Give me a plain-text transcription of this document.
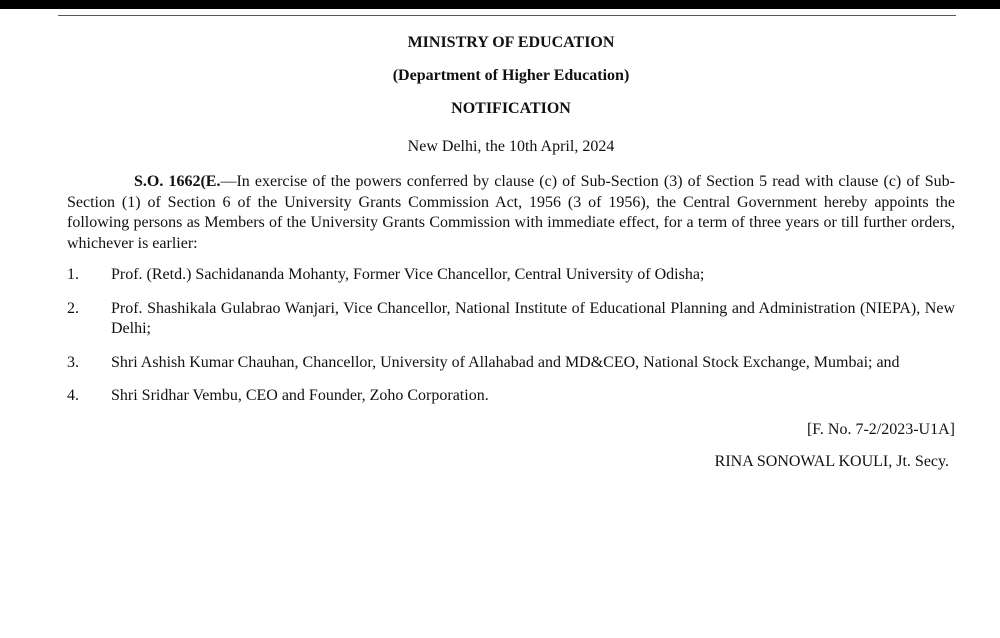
MINISTRY OF EDUCATION

(Department of Higher Education)

NOTIFICATION

New Delhi, the 10th April, 2024

S.O. 1662(E.—In exercise of the powers conferred by clause (c) of Sub-Section (3) of Section 5 read with clause (c) of Sub-Section (1) of Section 6 of the University Grants Commission Act, 1956 (3 of 1956), the Central Government hereby appoints the following persons as Members of the University Grants Commission with immediate effect, for a term of three years or till further orders, whichever is earlier:

1.	Prof. (Retd.) Sachidananda Mohanty, Former Vice Chancellor, Central University of Odisha;
2.	Prof. Shashikala Gulabrao Wanjari, Vice Chancellor, National Institute of Educational Planning and Administration (NIEPA), New Delhi;
3.	Shri Ashish Kumar Chauhan, Chancellor, University of Allahabad and MD&CEO, National Stock Exchange, Mumbai; and
4.	Shri Sridhar Vembu, CEO and Founder, Zoho Corporation.

[F. No. 7-2/2023-U1A]

RINA SONOWAL KOULI, Jt. Secy.
